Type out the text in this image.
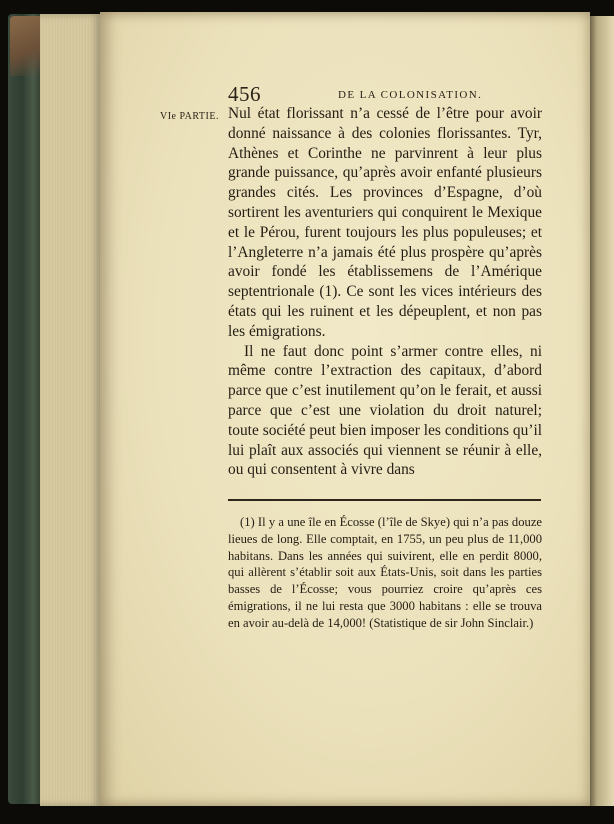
456	DE LA COLONISATION.
VIe PARTIE. Nul état florissant n’a cessé de l’être pour avoir donné naissance à des colonies florissantes. Tyr, Athènes et Corinthe ne parvinrent à leur plus grande puissance, qu’après avoir enfanté plusieurs grandes cités. Les provinces d’Espagne, d’où sortirent les aventuriers qui conquirent le Mexique et le Pérou, furent toujours les plus populeuses; et l’Angleterre n’a jamais été plus prospère qu’après avoir fondé les établissemens de l’Amérique septentrionale (1). Ce sont les vices intérieurs des états qui les ruinent et les dépeuplent, et non pas les émigrations.

Il ne faut donc point s’armer contre elles, ni même contre l’extraction des capitaux, d’abord parce que c’est inutilement qu’on le ferait, et aussi parce que c’est une violation du droit naturel; toute société peut bien imposer les conditions qu’il lui plaît aux associés qui viennent se réunir à elle, ou qui consentent à vivre dans

(1) Il y a une île en Écosse (l’île de Skye) qui n’a pas douze lieues de long. Elle comptait, en 1755, un peu plus de 11,000 habitans. Dans les années qui suivirent, elle en perdit 8000, qui allèrent s’établir soit aux États-Unis, soit dans les parties basses de l’Écosse; vous pourriez croire qu’après ces émigrations, il ne lui resta que 3000 habitans : elle se trouva en avoir au-delà de 14,000! (Statistique de sir John Sinclair.)
